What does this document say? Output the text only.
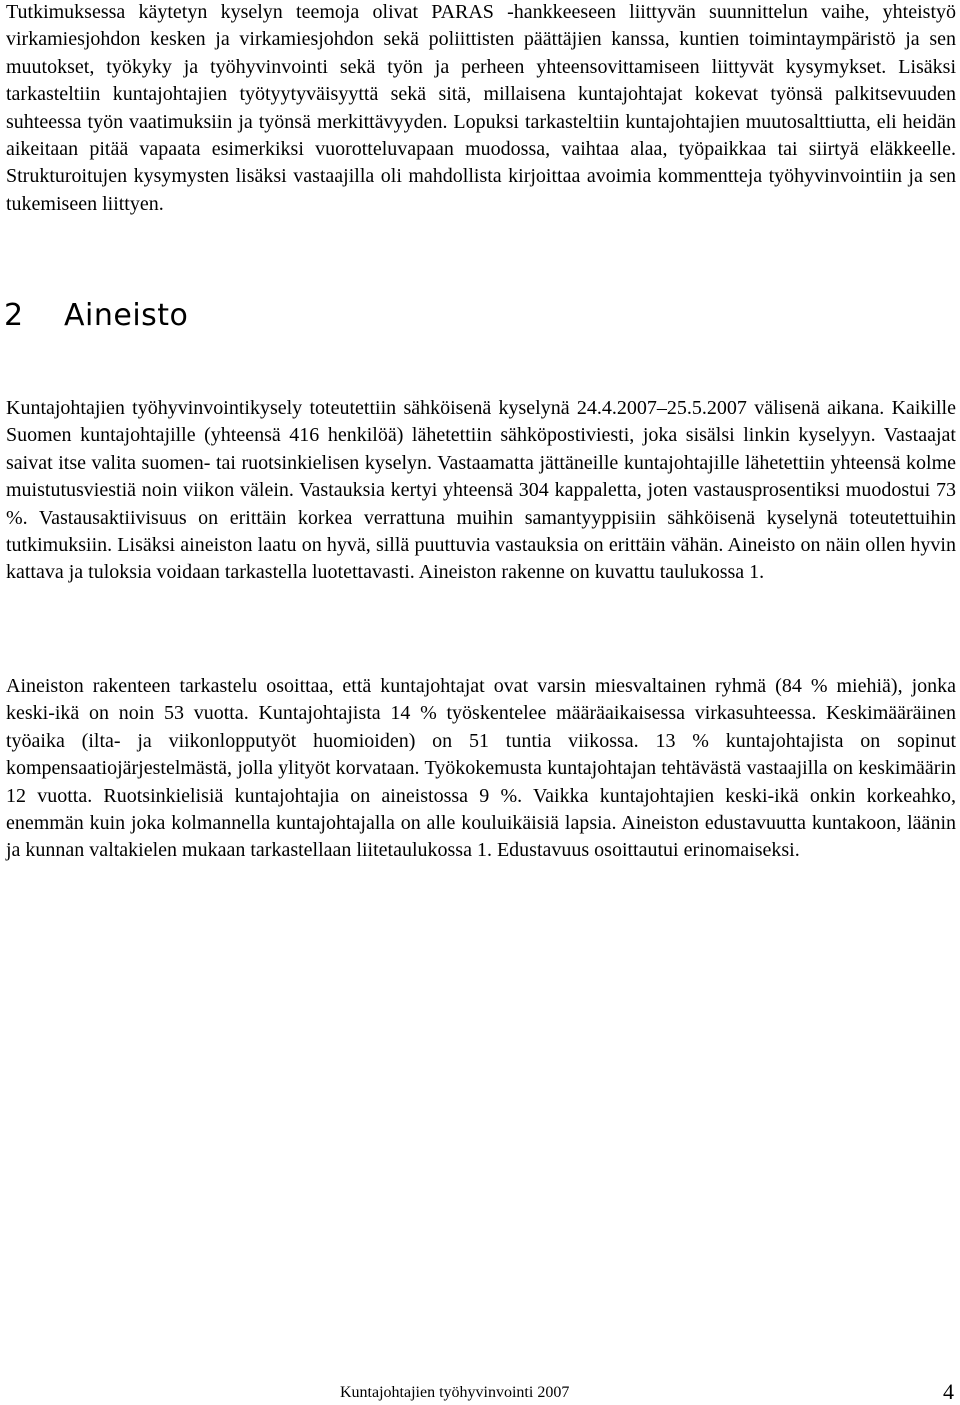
Tutkimuksessa käytetyn kyselyn teemoja olivat PARAS -hankkeeseen liittyvän suunnittelun vaihe, yhteistyö virkamiesjohdon kesken ja virkamiesjohdon sekä poliittisten päättäjien kanssa, kuntien toimintaympäristö ja sen muutokset, työkyky ja työhyvinvointi sekä työn ja perheen yhteensovittamiseen liittyvät kysymykset. Lisäksi tarkasteltiin kuntajohtajien työtyytyväisyyttä sekä sitä, millaisena kuntajohtajat kokevat työnsä palkitsevuuden suhteessa työn vaatimuksiin ja työnsä merkittävyyden. Lopuksi tarkasteltiin kuntajohtajien muutosalttiutta, eli heidän aikeitaan pitää vapaata esimerkiksi vuorotteluvapaan muodossa, vaihtaa alaa, työpaikkaa tai siirtyä eläkkeelle. Strukturoitujen kysymysten lisäksi vastaajilla oli mahdollista kirjoittaa avoimia kommentteja työhyvinvointiin ja sen tukemiseen liittyen.

2 Aineisto

Kuntajohtajien työhyvinvointikysely toteutettiin sähköisenä kyselynä 24.4.2007–25.5.2007 välisenä aikana. Kaikille Suomen kuntajohtajille (yhteensä 416 henkilöä) lähetettiin sähköpostiviesti, joka sisälsi linkin kyselyyn. Vastaajat saivat itse valita suomen- tai ruotsinkielisen kyselyn. Vastaamatta jättäneille kuntajohtajille lähetettiin yhteensä kolme muistutusviestiä noin viikon välein. Vastauksia kertyi yhteensä 304 kappaletta, joten vastausprosentiksi muodostui 73 %. Vastausaktiivisuus on erittäin korkea verrattuna muihin samantyyppisiin sähköisenä kyselynä toteutettuihin tutkimuksiin. Lisäksi aineiston laatu on hyvä, sillä puuttuvia vastauksia on erittäin vähän. Aineisto on näin ollen hyvin kattava ja tuloksia voidaan tarkastella luotettavasti. Aineiston rakenne on kuvattu taulukossa 1.

Aineiston rakenteen tarkastelu osoittaa, että kuntajohtajat ovat varsin miesvaltainen ryhmä (84 % miehiä), jonka keski-ikä on noin 53 vuotta. Kuntajohtajista 14 % työskentelee määräaikaisessa virkasuhteessa. Keskimääräinen työaika (ilta- ja viikonlopputyöt huomioiden) on 51 tuntia viikossa. 13 % kuntajohtajista on sopinut kompensaatiojärjestelmästä, jolla ylityöt korvataan. Työkokemusta kuntajohtajan tehtävästä vastaajilla on keskimäärin 12 vuotta. Ruotsinkielisiä kuntajohtajia on aineistossa 9 %. Vaikka kuntajohtajien keski-ikä onkin korkeahko, enemmän kuin joka kolmannella kuntajohtajalla on alle kouluikäisiä lapsia. Aineiston edustavuutta kuntakoon, läänin ja kunnan valtakielen mukaan tarkastellaan liitetaulukossa 1. Edustavuus osoittautui erinomaiseksi.

Kuntajohtajien työhyvinvointi 2007	4
